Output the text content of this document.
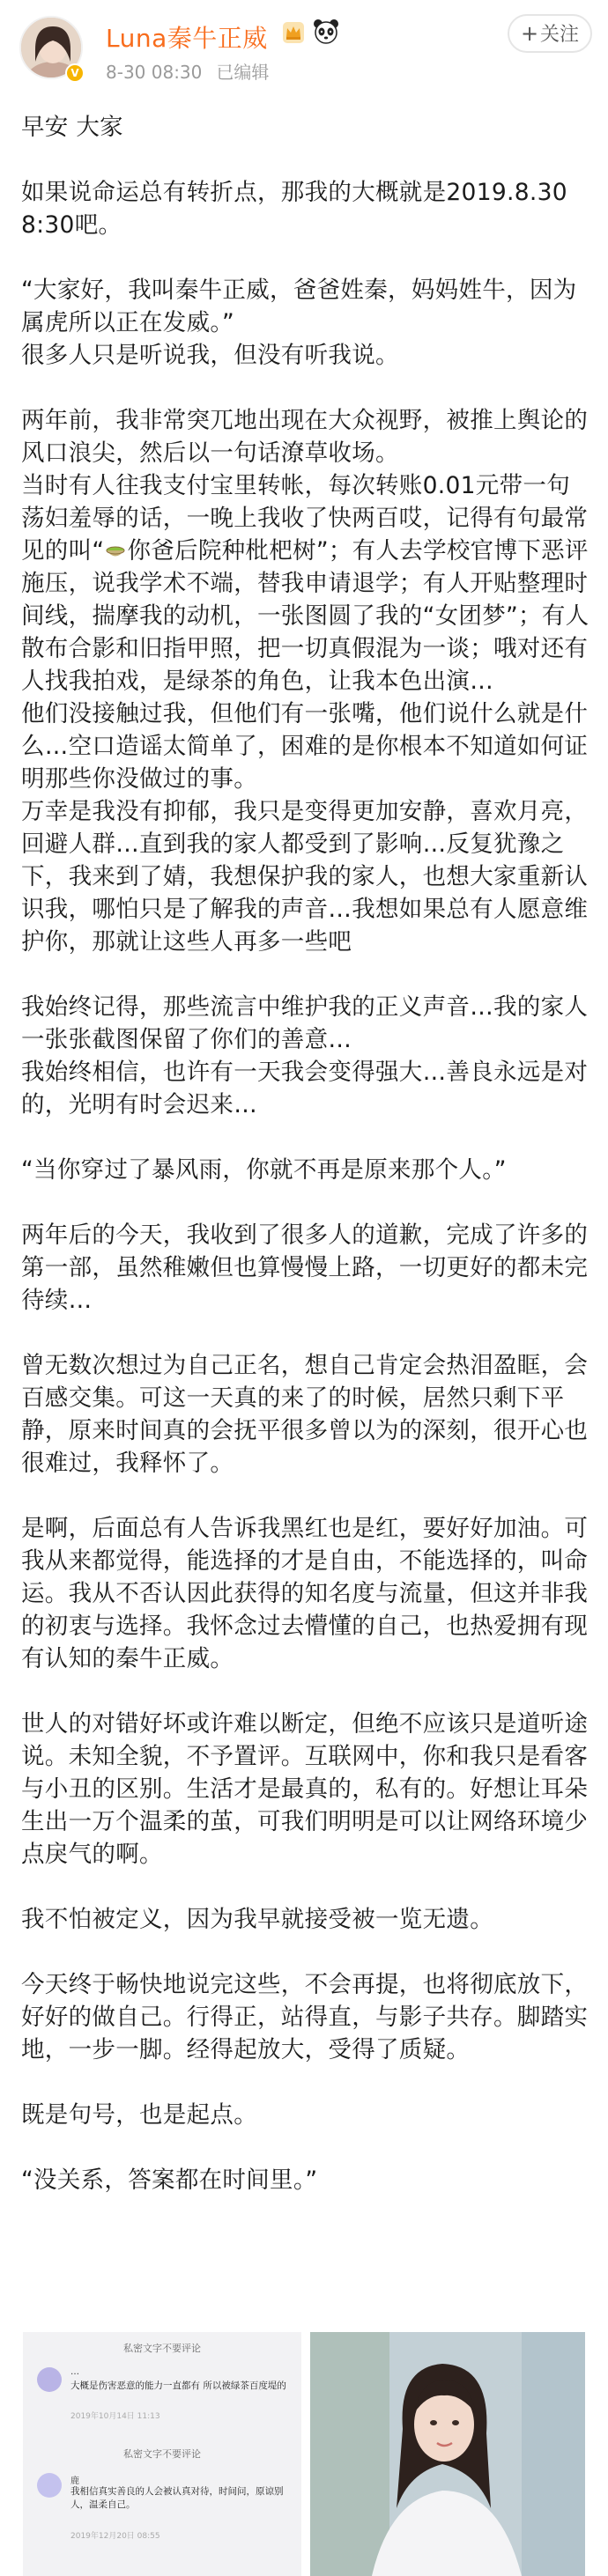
V
Luna秦牛正威
8-30 08:30 已编辑
+关注

早安 大家

如果说命运总有转折点，那我的大概就是2019.8.30 8:30吧。

“大家好，我叫秦牛正威，爸爸姓秦，妈妈姓牛，因为属虎所以正在发威。”

很多人只是听说我，但没有听我说。

两年前，我非常突兀地出现在大众视野，被推上舆论的风口浪尖，然后以一句话潦草收场。

当时有人往我支付宝里转帐，每次转账0.01元带一句荡妇羞辱的话，一晚上我收了快两百哎，记得有句最常见的叫“ 你爸后院种枇杷树”；有人去学校官博下恶评施压，说我学术不端，替我申请退学；有人开贴整理时间线，揣摩我的动机，一张图圆了我的“女团梦”；有人散布合影和旧指甲照，把一切真假混为一谈；哦对还有人找我拍戏，是绿茶的角色，让我本色出演…

他们没接触过我，但他们有一张嘴，他们说什么就是什么…空口造谣太简单了，困难的是你根本不知道如何证明那些你没做过的事。

万幸是我没有抑郁，我只是变得更加安静，喜欢月亮，回避人群…直到我的家人都受到了影响…反复犹豫之下，我来到了婧，我想保护我的家人，也想大家重新认识我，哪怕只是了解我的声音…我想如果总有人愿意维护你，那就让这些人再多一些吧

我始终记得，那些流言中维护我的正义声音…我的家人一张张截图保留了你们的善意…

我始终相信，也许有一天我会变得强大…善良永远是对的，光明有时会迟来…

“当你穿过了暴风雨，你就不再是原来那个人。”

两年后的今天，我收到了很多人的道歉，完成了许多的第一部，虽然稚嫩但也算慢慢上路，一切更好的都未完待续…

曾无数次想过为自己正名，想自己肯定会热泪盈眶，会百感交集。可这一天真的来了的时候，居然只剩下平静，原来时间真的会抚平很多曾以为的深刻，很开心也很难过，我释怀了。

是啊，后面总有人告诉我黑红也是红，要好好加油。可我从来都觉得，能选择的才是自由，不能选择的，叫命运。我从不否认因此获得的知名度与流量，但这并非我的初衷与选择。我怀念过去懵懂的自己，也热爱拥有现有认知的秦牛正威。

世人的对错好坏或许难以断定，但绝不应该只是道听途说。未知全貌，不予置评。互联网中，你和我只是看客与小丑的区别。生活才是最真的，私有的。好想让耳朵生出一万个温柔的茧，可我们明明是可以让网络环境少点戾气的啊。

我不怕被定义，因为我早就接受被一览无遗。

今天终于畅快地说完这些，不会再提，也将彻底放下，好好的做自己。行得正，站得直，与影子共存。脚踏实地，一步一脚。经得起放大，受得了质疑。

既是句号，也是起点。

“没关系，答案都在时间里。”

私密文字不要评论
…
大概是伤害恶意的能力一直都有 所以被绿茶百度堤的
2019年10月14日 11:13
私密文字不要评论
鹿
我相信真实善良的人会被认真对待，时间问，原谅别人，温柔自己。
2019年12月20日 08:55
